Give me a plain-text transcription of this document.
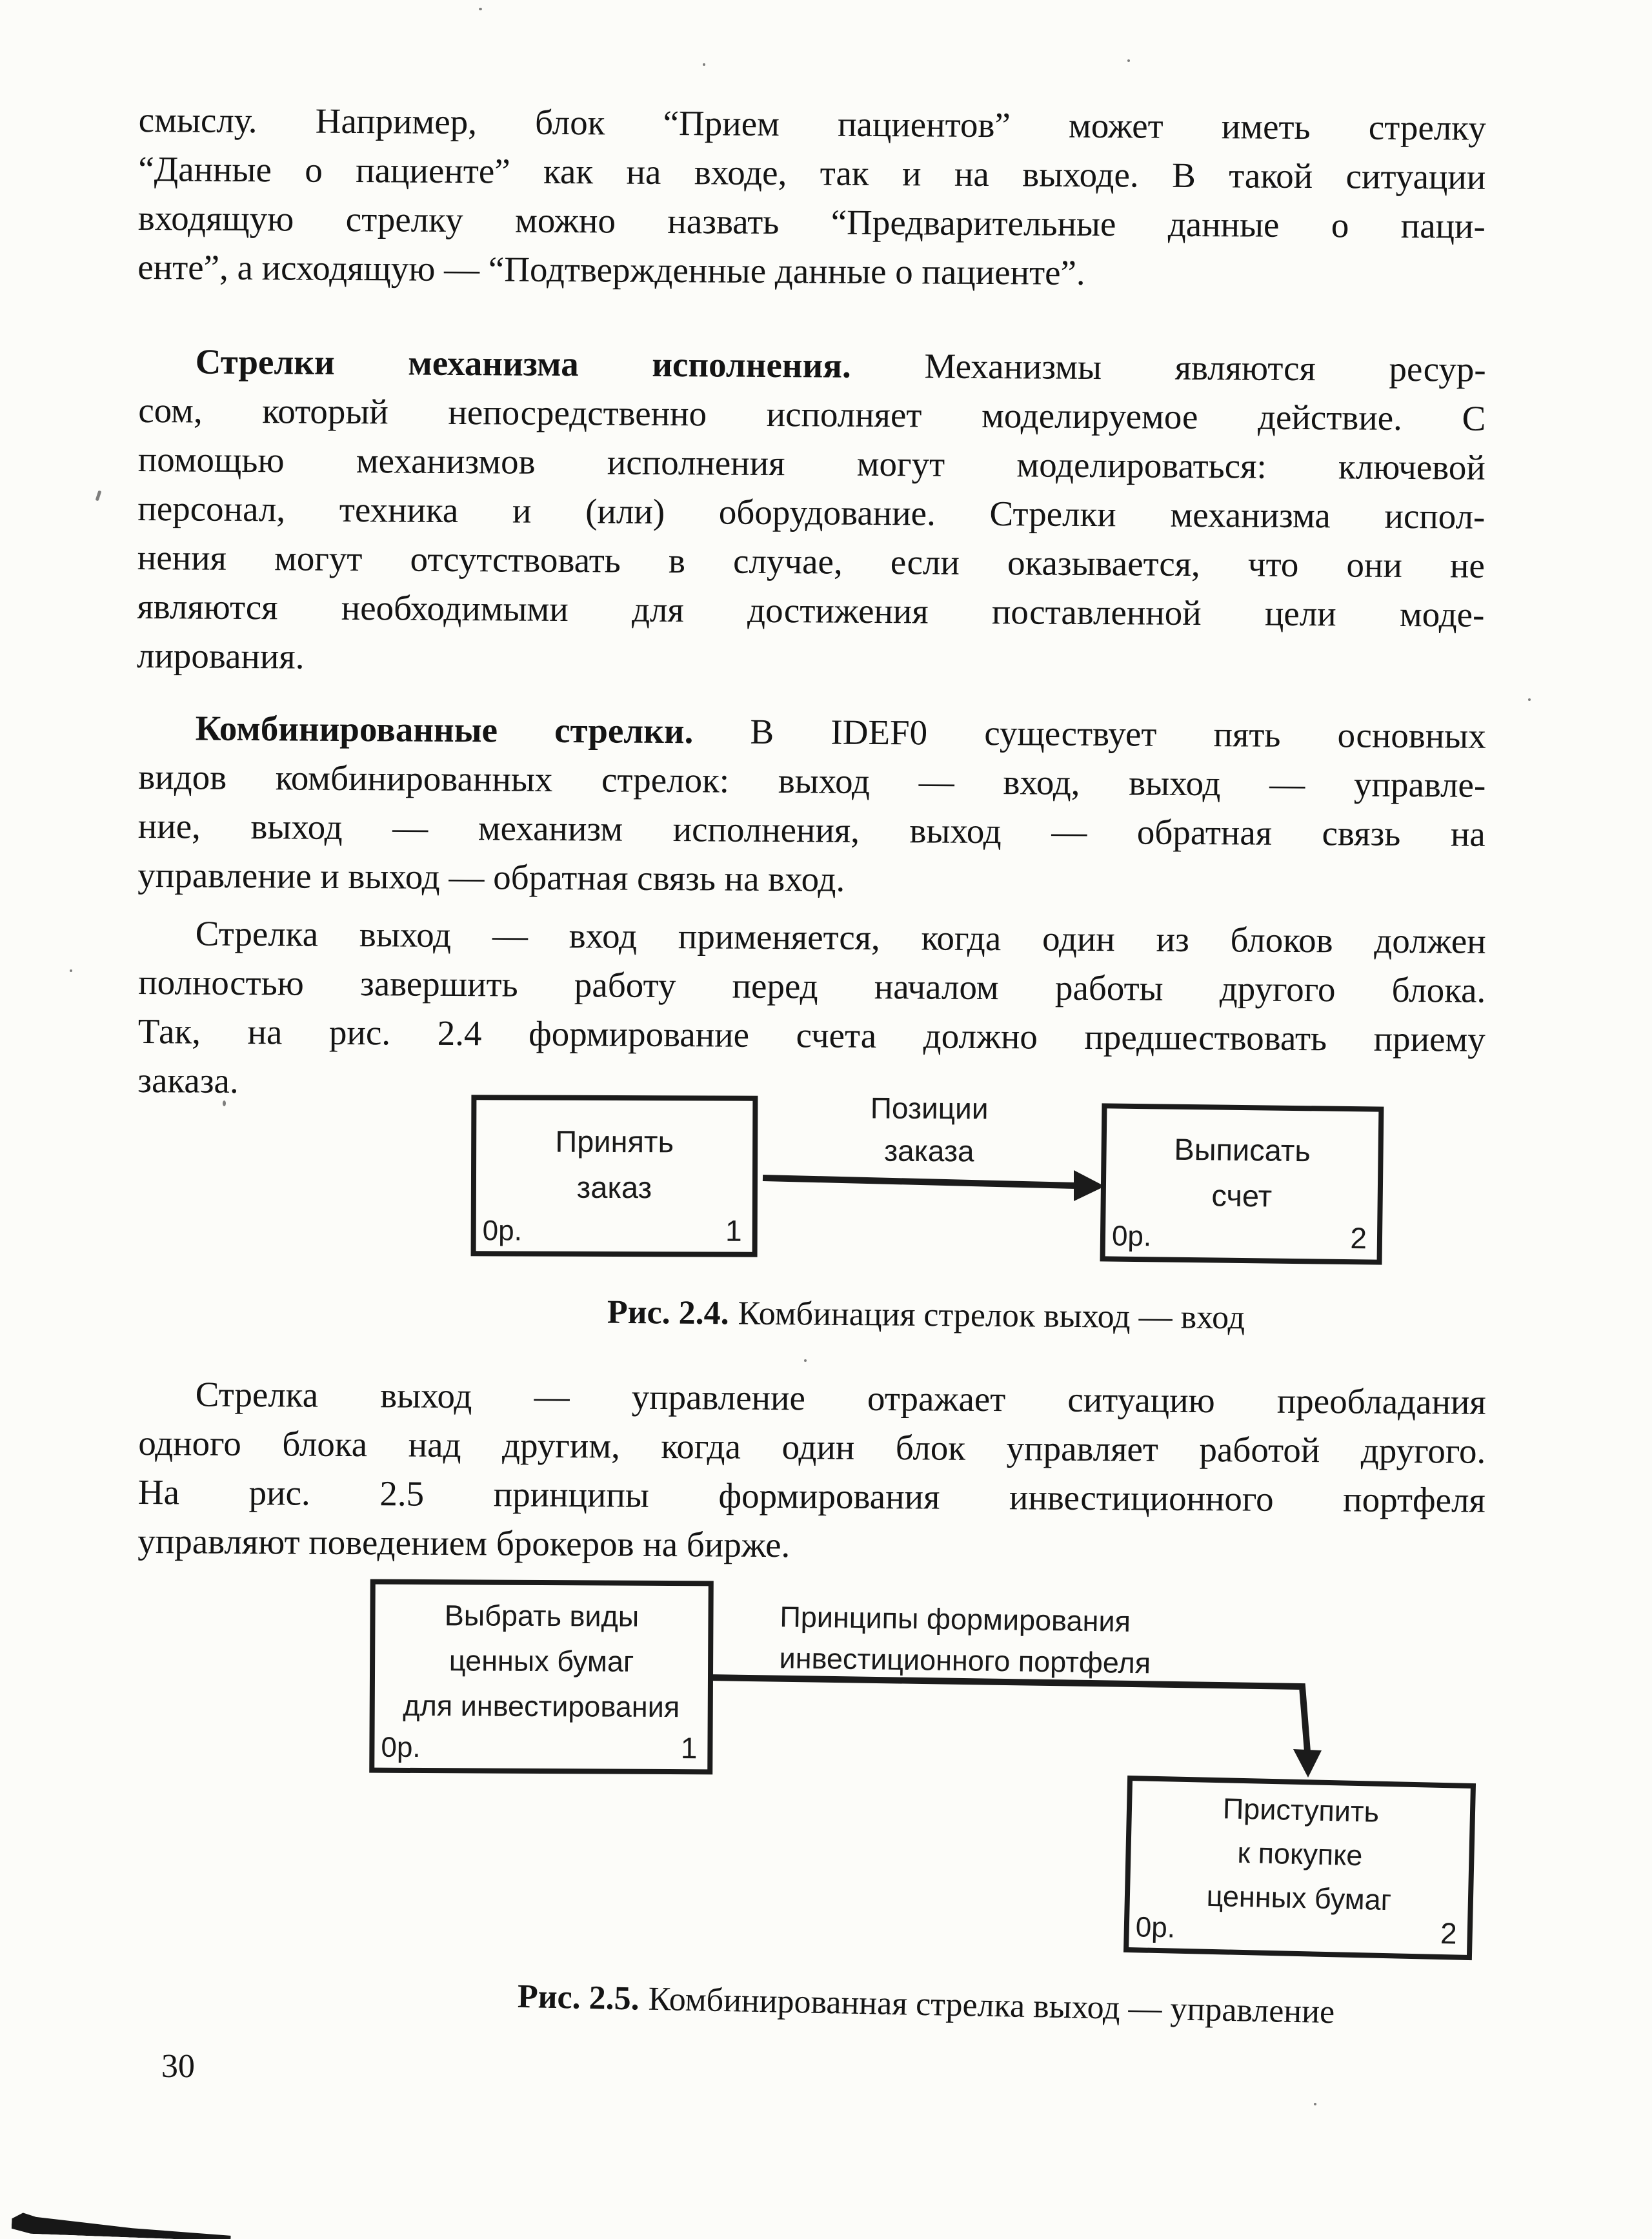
смыслу. Например, блок “Прием пациентов” может иметь стрелку
“Данные о пациенте” как на входе, так и на выходе. В такой ситуации
входящую стрелку можно назвать “Предварительные данные о паци-
енте”, а исходящую — “Подтвержденные данные о пациенте”.
Стрелки механизма исполнения. Механизмы являются ресур-
сом, который непосредственно исполняет моделируемое действие. С
помощью механизмов исполнения могут моделироваться: ключевой
персонал, техника и (или) оборудование. Стрелки механизма испол-
нения могут отсутствовать в случае, если оказывается, что они не
являются необходимыми для достижения поставленной цели моде-
лирования.
Комбинированные стрелки. В IDEF0 существует пять основных
видов комбинированных стрелок: выход — вход, выход — управле-
ние, выход — механизм исполнения, выход — обратная связь на
управление и выход — обратная связь на вход.
Стрелка выход — вход применяется, когда один из блоков должен
полностью завершить работу перед началом работы другого блока.
Так, на рис. 2.4 формирование счета должно предшествовать приему
заказа.
Стрелка выход — управление отражает ситуацию преобладания
одного блока над другим, когда один блок управляет работой другого.
На рис. 2.5 принципы формирования инвестиционного портфеля
управляют поведением брокеров на бирже.
Принять
заказ
0р.	1
Позиции
заказа	Выписать
счет
0р.	2
Рис. 2.4. Комбинация стрелок выход — вход
Выбрать виды
ценных бумаг
для инвестирования
0р.	1
Принципы формирования
инвестиционного портфеля
Приступить
к покупке
ценных бумаг
0р.	2
Рис. 2.5. Комбинированная стрелка выход — управление
30
